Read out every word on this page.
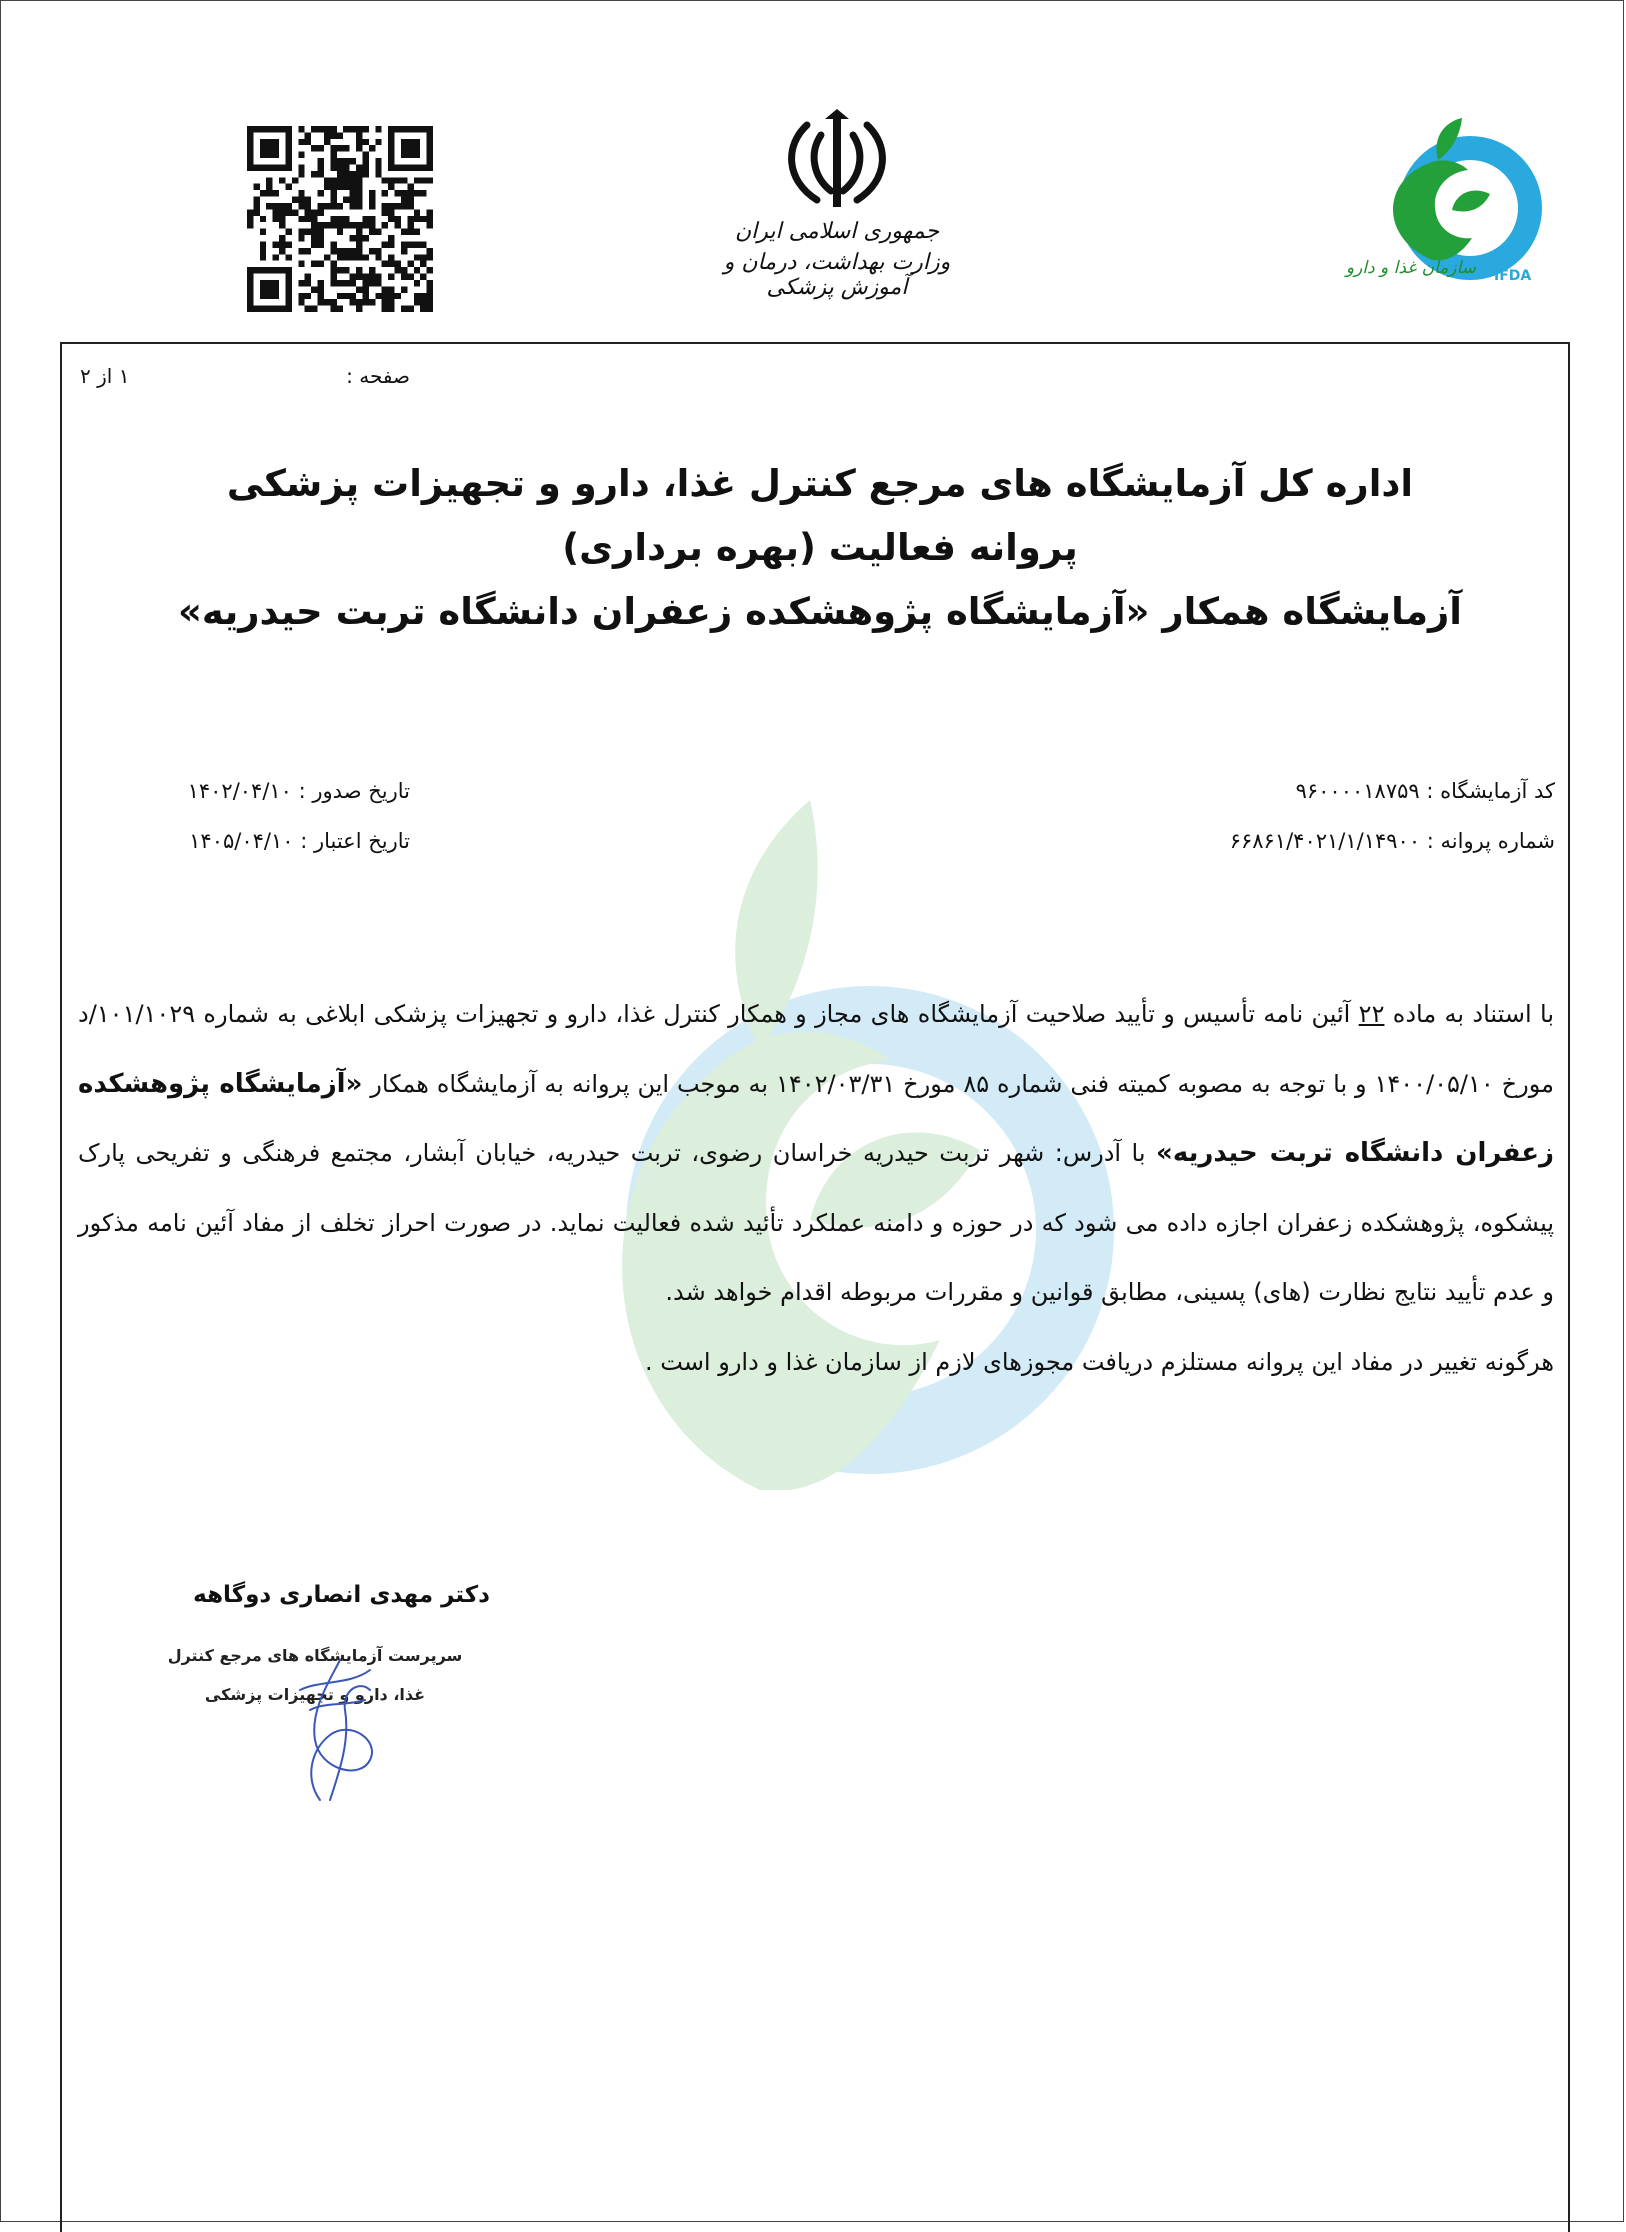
جمهوری اسلامی ایران
وزارت بهداشت، درمان و آموزش پزشکی
سازمان غذا و دارو IFDA
صفحه :
۱ از ۲
اداره کل آزمایشگاه های مرجع کنترل غذا، دارو و تجهیزات پزشکی
پروانه فعالیت (بهره برداری)
آزمایشگاه همکار «آزمایشگاه پژوهشکده زعفران دانشگاه تربت حیدریه»
کد آزمایشگاه : ۹۶۰۰۰۰۱۸۷۵۹
شماره پروانه : ۶۶۸۶۱/۴۰۲۱/۱/۱۴۹۰۰
تاریخ صدور : ۱۴۰۲/۰۴/۱۰
تاریخ اعتبار : ۱۴۰۵/۰۴/۱۰

با استناد به ماده ۲۲ آئین نامه تأسیس و تأیید صلاحیت آزمایشگاه های مجاز و همکار کنترل غذا، دارو و تجهیزات پزشکی ابلاغی به شماره ۱۰۱/۱۰۲۹/د مورخ ۱۴۰۰/۰۵/۱۰ و با توجه به مصوبه کمیته فنی شماره ۸۵ مورخ ۱۴۰۲/۰۳/۳۱ به موجب این پروانه به آزمایشگاه همکار «آزمایشگاه پژوهشکده زعفران دانشگاه تربت حیدریه» با آدرس: شهر تربت حیدریه خراسان رضوی، تربت حیدریه، خیابان آبشار، مجتمع فرهنگی و تفریحی پارک پیشکوه، پژوهشکده زعفران اجازه داده می شود که در حوزه و دامنه عملکرد تأئید شده فعالیت نماید. در صورت احراز تخلف از مفاد آئین نامه مذکور و عدم تأیید نتایج نظارت (های) پسینی، مطابق قوانین و مقررات مربوطه اقدام خواهد شد.

هرگونه تغییر در مفاد این پروانه مستلزم دریافت مجوزهای لازم از سازمان غذا و دارو است .

دکتر مهدی انصاری دوگاهه
سرپرست آزمایشگاه های مرجع کنترل
غذا، دارو و تجهیزات پزشکی
